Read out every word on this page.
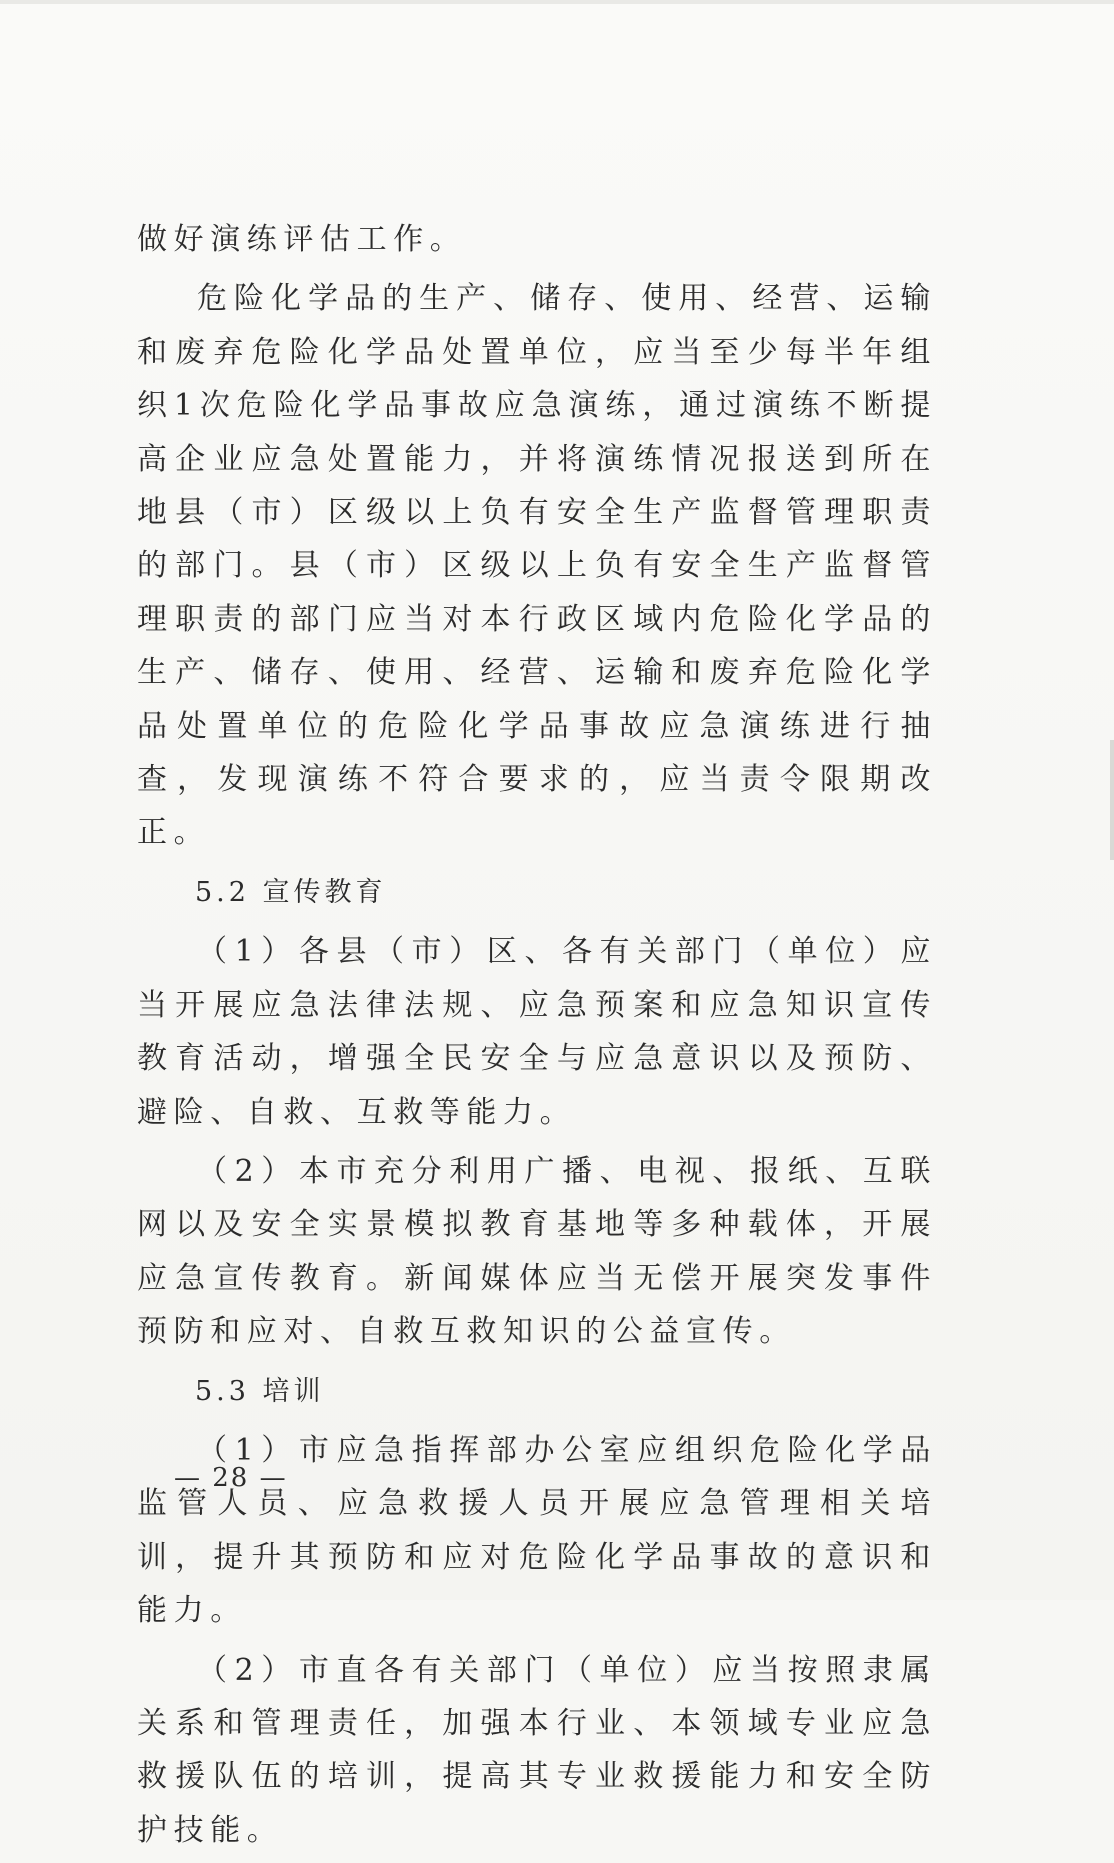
做好演练评估工作。

危险化学品的生产、储存、使用、经营、运输和废弃危险化学品处置单位，应当至少每半年组织1次危险化学品事故应急演练，通过演练不断提高企业应急处置能力，并将演练情况报送到所在地县（市）区级以上负有安全生产监督管理职责的部门。县（市）区级以上负有安全生产监督管理职责的部门应当对本行政区域内危险化学品的生产、储存、使用、经营、运输和废弃危险化学品处置单位的危险化学品事故应急演练进行抽查，发现演练不符合要求的，应当责令限期改正。

5.2 宣传教育

（1）各县（市）区、各有关部门（单位）应当开展应急法律法规、应急预案和应急知识宣传教育活动，增强全民安全与应急意识以及预防、避险、自救、互救等能力。

（2）本市充分利用广播、电视、报纸、互联网以及安全实景模拟教育基地等多种载体，开展应急宣传教育。新闻媒体应当无偿开展突发事件预防和应对、自救互救知识的公益宣传。

5.3 培训

（1）市应急指挥部办公室应组织危险化学品监管人员、应急救援人员开展应急管理相关培训，提升其预防和应对危险化学品事故的意识和能力。

（2）市直各有关部门（单位）应当按照隶属关系和管理责任，加强本行业、本领域专业应急救援队伍的培训，提高其专业救援能力和安全防护技能。

— 28 —
